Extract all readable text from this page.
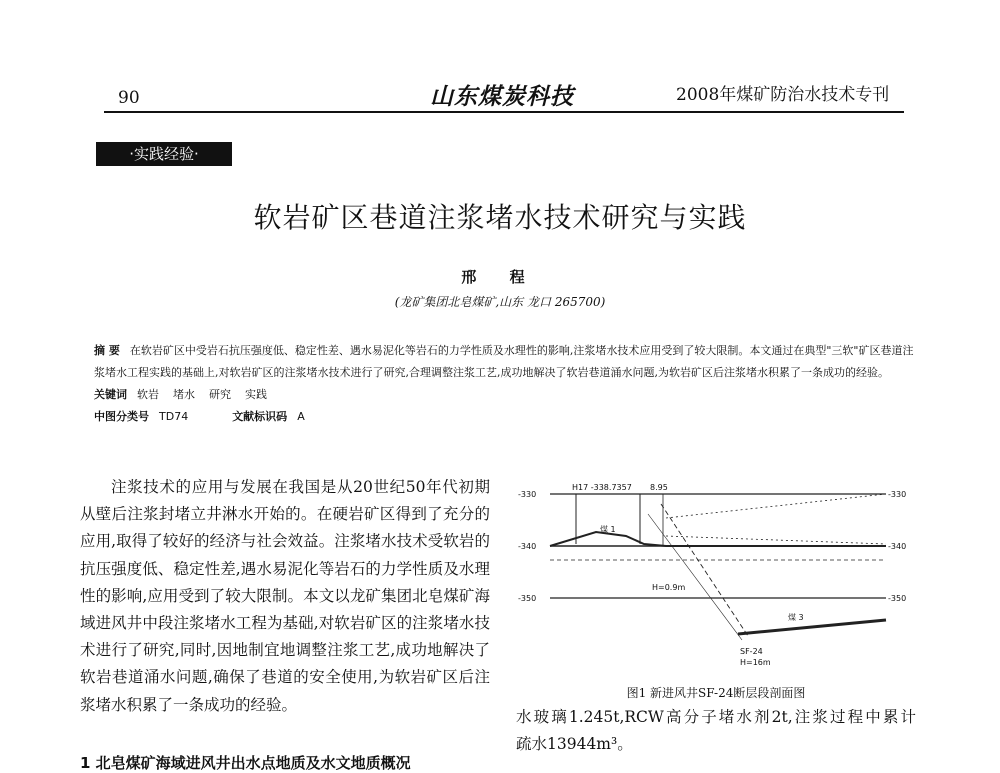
90	山东煤炭科技	2008年煤矿防治水技术专刊
·实践经验·
软岩矿区巷道注浆堵水技术研究与实践
邢 程
(龙矿集团北皂煤矿,山东 龙口 265700)
摘 要 在软岩矿区中受岩石抗压强度低、稳定性差、遇水易泥化等岩石的力学性质及水理性的影响,注浆堵水技术应用受到了较大限制。本文通过在典型"三软"矿区巷道注浆堵水工程实践的基础上,对软岩矿区的注浆堵水技术进行了研究,合理调整注浆工艺,成功地解决了软岩巷道涌水问题,为软岩矿区后注浆堵水积累了一条成功的经验。
关键词 软岩 堵水 研究 实践
中图分类号 TD74	文献标识码 A

注浆技术的应用与发展在我国是从20世纪50年代初期从壁后注浆封堵立井淋水开始的。在硬岩矿区得到了充分的应用,取得了较好的经济与社会效益。注浆堵水技术受软岩的抗压强度低、稳定性差,遇水易泥化等岩石的力学性质及水理性的影响,应用受到了较大限制。本文以龙矿集团北皂煤矿海域进风井中段注浆堵水工程为基础,对软岩矿区的注浆堵水技术进行了研究,同时,因地制宜地调整注浆工艺,成功地解决了软岩巷道涌水问题,确保了巷道的安全使用,为软岩矿区后注浆堵水积累了一条成功的经验。

1 北皂煤矿海域进风井出水点地质及水文地质概况
-330
-340
-350
-330
-340
-350
H17 -338.7357 8.95
煤 1
煤 3
H=0.9m
SF-24
H=16m
图1 新进风井SF-24断层段剖面图

水玻璃1.245t,RCW高分子堵水剂2t,注浆过程中累计

疏水13944m³。
